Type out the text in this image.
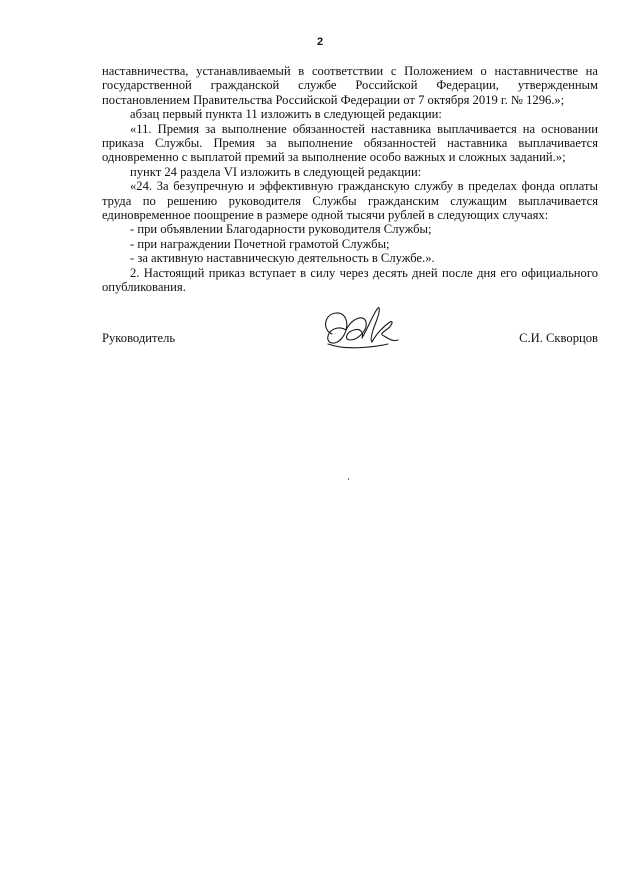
2

наставничества, устанавливаемый в соответствии с Положением о наставничестве на государственной гражданской службе Российской Федерации, утвержденным постановлением Правительства Российской Федерации от 7 октября 2019 г. № 1296.»;

абзац первый пункта 11 изложить в следующей редакции:

«11. Премия за выполнение обязанностей наставника выплачивается на основании приказа Службы. Премия за выполнение обязанностей наставника выплачивается одновременно с выплатой премий за выполнение особо важных и сложных заданий.»;

пункт 24 раздела VI изложить в следующей редакции:

«24. За безупречную и эффективную гражданскую службу в пределах фонда оплаты труда по решению руководителя Службы гражданским служащим выплачивается единовременное поощрение в размере одной тысячи рублей в следующих случаях:

- при объявлении Благодарности руководителя Службы;

- при награждении Почетной грамотой Службы;

- за активную наставническую деятельность в Службе.».

2. Настоящий приказ вступает в силу через десять дней после дня его официального опубликования.

Руководитель	С.И. Скворцов
